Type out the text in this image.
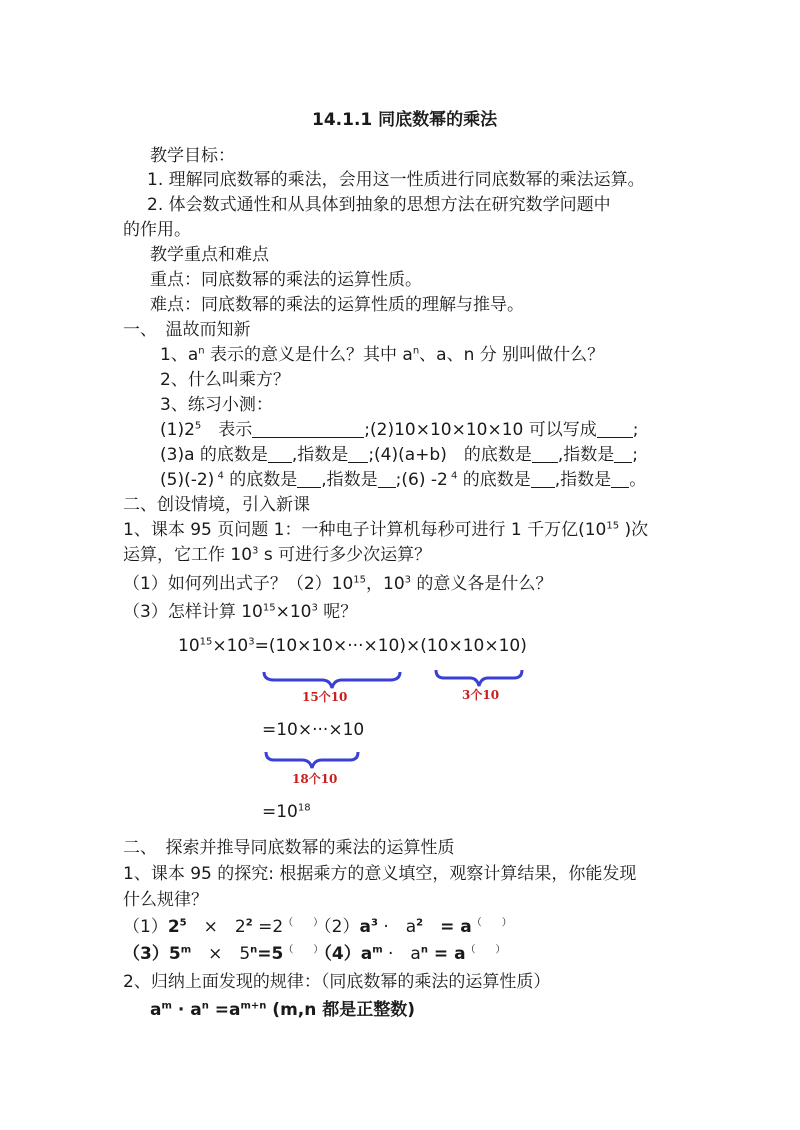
14.1.1 同底数幂的乘法
教学目标：
1. 理解同底数幂的乘法，会用这一性质进行同底数幂的乘法运算。
2. 体会数式通性和从具体到抽象的思想方法在研究数学问题中
的作用。
教学重点和难点
重点：同底数幂的乘法的运算性质。
难点：同底数幂的乘法的运算性质的理解与推导。
一、　温故而知新
1、$a^n$ 表示的意义是什么？其中 $a^n$、a、n 分 别叫做什么？
2、什么叫乘方？
3、练习小测：
$(1)2^5$　表示	;(2)10×10×10×10 可以写成 ;
(3)a 的底数是 ,指数是 ;(4)(a+b)　的底数是 ,指数是 ;
(5)(-2) $^4$ 的底数是 ,指数是 ;(6) -2 $^4$ 的底数是 ,指数是 。
二、创设情境，引入新课
1、课本 95 页问题 1：一种电子计算机每秒可进行 1 千万亿($10^{15}$ )次
运算，它工作 $10^3$ s 可进行多少次运算？
（1）如何列出式子？$(2)10^{15}$，$10^3$ 的意义各是什么？
（3）怎样计算 $10^{15}\times 10^3$ 呢？
$10^{15}\times 10^3=(10\times 10\times\cdot\cdot\cdot\times 10)\times(10\times 10\times 10)$
15个10	3个10
=10×···×10
18个10
$=10^{18}$
二、　探索并推导同底数幂的乘法的运算性质
1、课本 95 的探究: 根据乘方的意义填空，观察计算结果，你能发现
什么规律？
$(1)2^5$　×　$2^2 =2^{( )}(2)a^3$ ·　$a^2$　= a（　　）
$(3)5^m$　×　$5^n=5^{( )}(4)a^m$ ·　$a^n = a^{( )}$
2、归纳上面发现的规律：（同底数幂的乘法的运算性质）
$a^m \cdot a^n =a^{m+n}$ (m,n 都是正整数)
